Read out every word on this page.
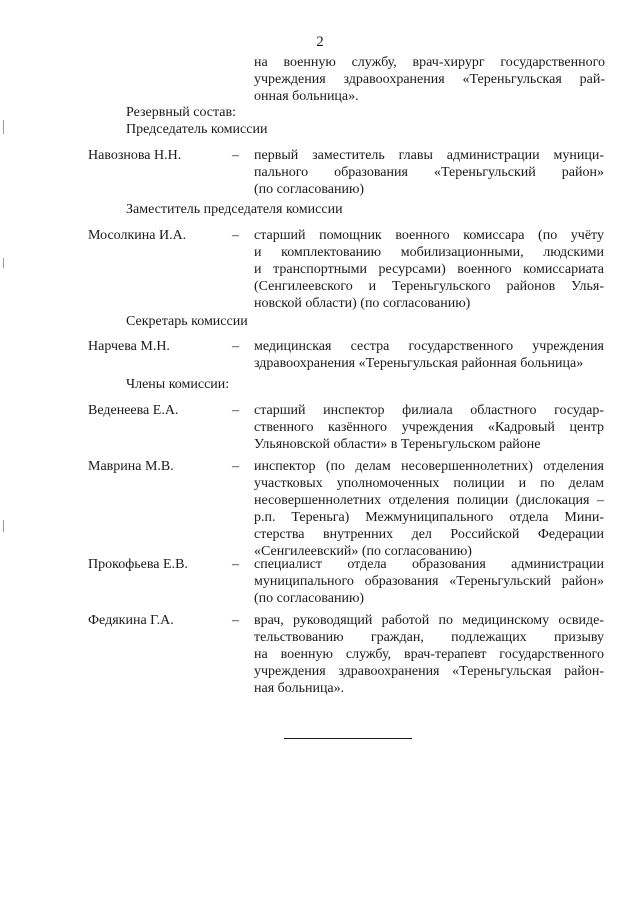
2
на военную службу, врач-хирург государственного
учреждения здравоохранения «Тереньгульская рай-
онная больница».
Резервный состав:
Председатель комиссии
Навознова Н.Н.	– первый заместитель главы администрации муници-
пального образования «Тереньгульский район»
(по согласованию)
Заместитель председателя комиссии
Мосолкина И.А.	– старший помощник военного комиссара (по учёту
и комплектованию мобилизационными, людскими
и транспортными ресурсами) военного комиссариата
(Сенгилеевского и Тереньгульского районов Улья-
новской области) (по согласованию)
Секретарь комиссии
Нарчева М.Н.	– медицинская сестра государственного учреждения
здравоохранения «Тереньгульская районная больница»
Члены комиссии:
Веденеева Е.А.	– старший инспектор филиала областного государ-
ственного казённого учреждения «Кадровый центр
Ульяновской области» в Тереньгульском районе
Маврина М.В.	– инспектор (по делам несовершеннолетних) отделения
участковых уполномоченных полиции и по делам
несовершеннолетних отделения полиции (дислокация –
р.п. Тереньга) Межмуниципального отдела Мини-
стерства внутренних дел Российской Федерации
«Сенгилеевский» (по согласованию)
Прокофьева Е.В.	– специалист отдела образования администрации
муниципального образования «Тереньгульский район»
(по согласованию)
Федякина Г.А.	– врач, руководящий работой по медицинскому освиде-
тельствованию граждан, подлежащих призыву
на военную службу, врач-терапевт государственного
учреждения здравоохранения «Тереньгульская район-
ная больница».
